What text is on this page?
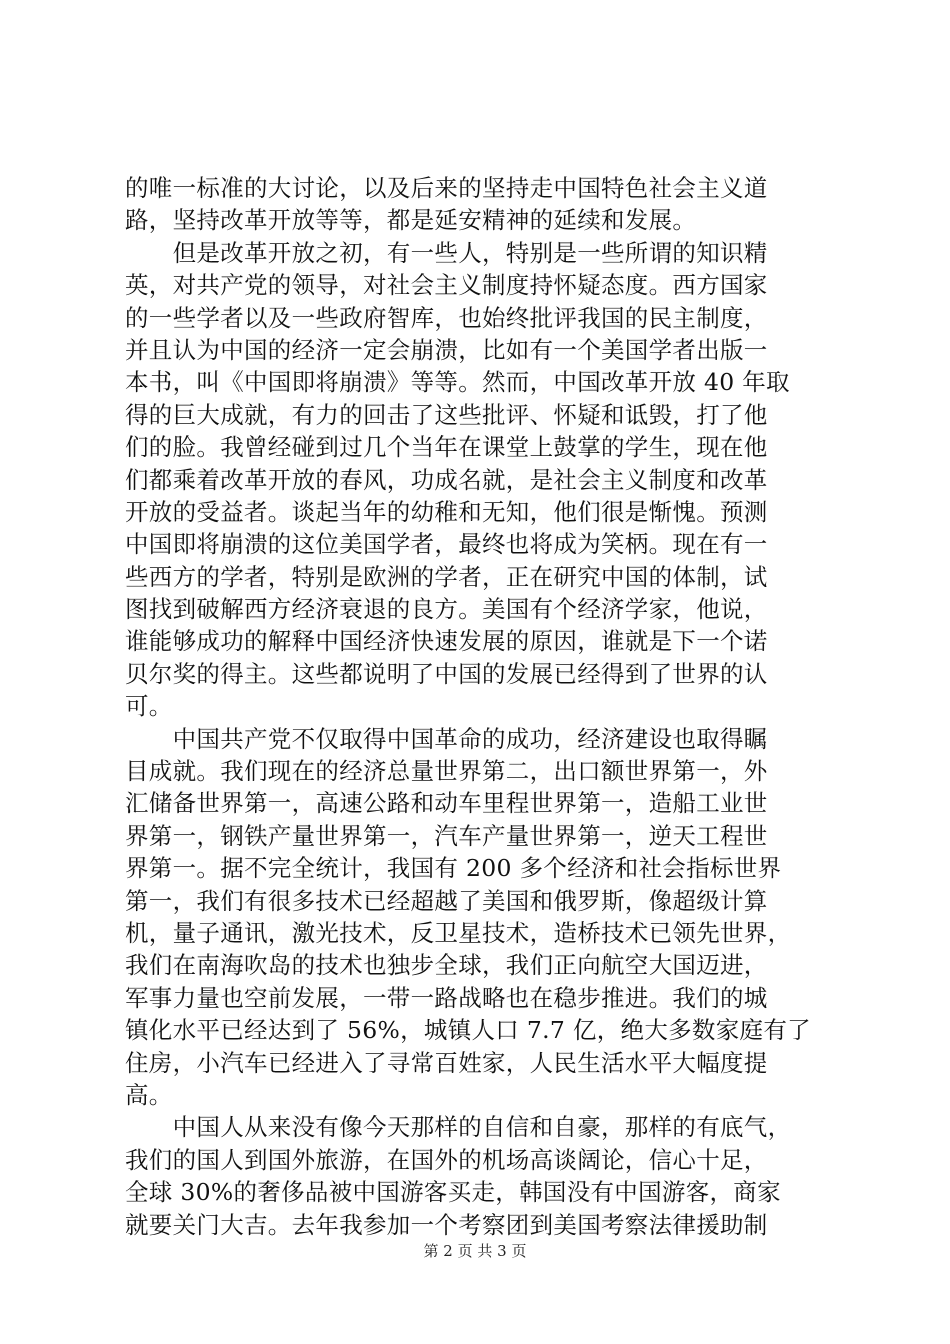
的唯一标准的大讨论，以及后来的坚持走中国特色社会主义道
路，坚持改革开放等等，都是延安精神的延续和发展。
　　但是改革开放之初，有一些人，特别是一些所谓的知识精
英，对共产党的领导，对社会主义制度持怀疑态度。西方国家
的一些学者以及一些政府智库，也始终批评我国的民主制度，
并且认为中国的经济一定会崩溃，比如有一个美国学者出版一
本书，叫《中国即将崩溃》等等。然而，中国改革开放 40 年取
得的巨大成就，有力的回击了这些批评、怀疑和诋毁，打了他
们的脸。我曾经碰到过几个当年在课堂上鼓掌的学生，现在他
们都乘着改革开放的春风，功成名就，是社会主义制度和改革
开放的受益者。谈起当年的幼稚和无知，他们很是惭愧。预测
中国即将崩溃的这位美国学者，最终也将成为笑柄。现在有一
些西方的学者，特别是欧洲的学者，正在研究中国的体制，试
图找到破解西方经济衰退的良方。美国有个经济学家，他说，
谁能够成功的解释中国经济快速发展的原因，谁就是下一个诺
贝尔奖的得主。这些都说明了中国的发展已经得到了世界的认
可。
　　中国共产党不仅取得中国革命的成功，经济建设也取得瞩
目成就。我们现在的经济总量世界第二，出口额世界第一，外
汇储备世界第一，高速公路和动车里程世界第一，造船工业世
界第一，钢铁产量世界第一，汽车产量世界第一，逆天工程世
界第一。据不完全统计，我国有 200 多个经济和社会指标世界
第一，我们有很多技术已经超越了美国和俄罗斯，像超级计算
机，量子通讯，激光技术，反卫星技术，造桥技术已领先世界，
我们在南海吹岛的技术也独步全球，我们正向航空大国迈进，
军事力量也空前发展，一带一路战略也在稳步推进。我们的城
镇化水平已经达到了 56%，城镇人口 7.7 亿，绝大多数家庭有了
住房，小汽车已经进入了寻常百姓家，人民生活水平大幅度提
高。
　　中国人从来没有像今天那样的自信和自豪，那样的有底气，
我们的国人到国外旅游，在国外的机场高谈阔论，信心十足，
全球 30%的奢侈品被中国游客买走，韩国没有中国游客，商家
就要关门大吉。去年我参加一个考察团到美国考察法律援助制
第 2 页 共 3 页
